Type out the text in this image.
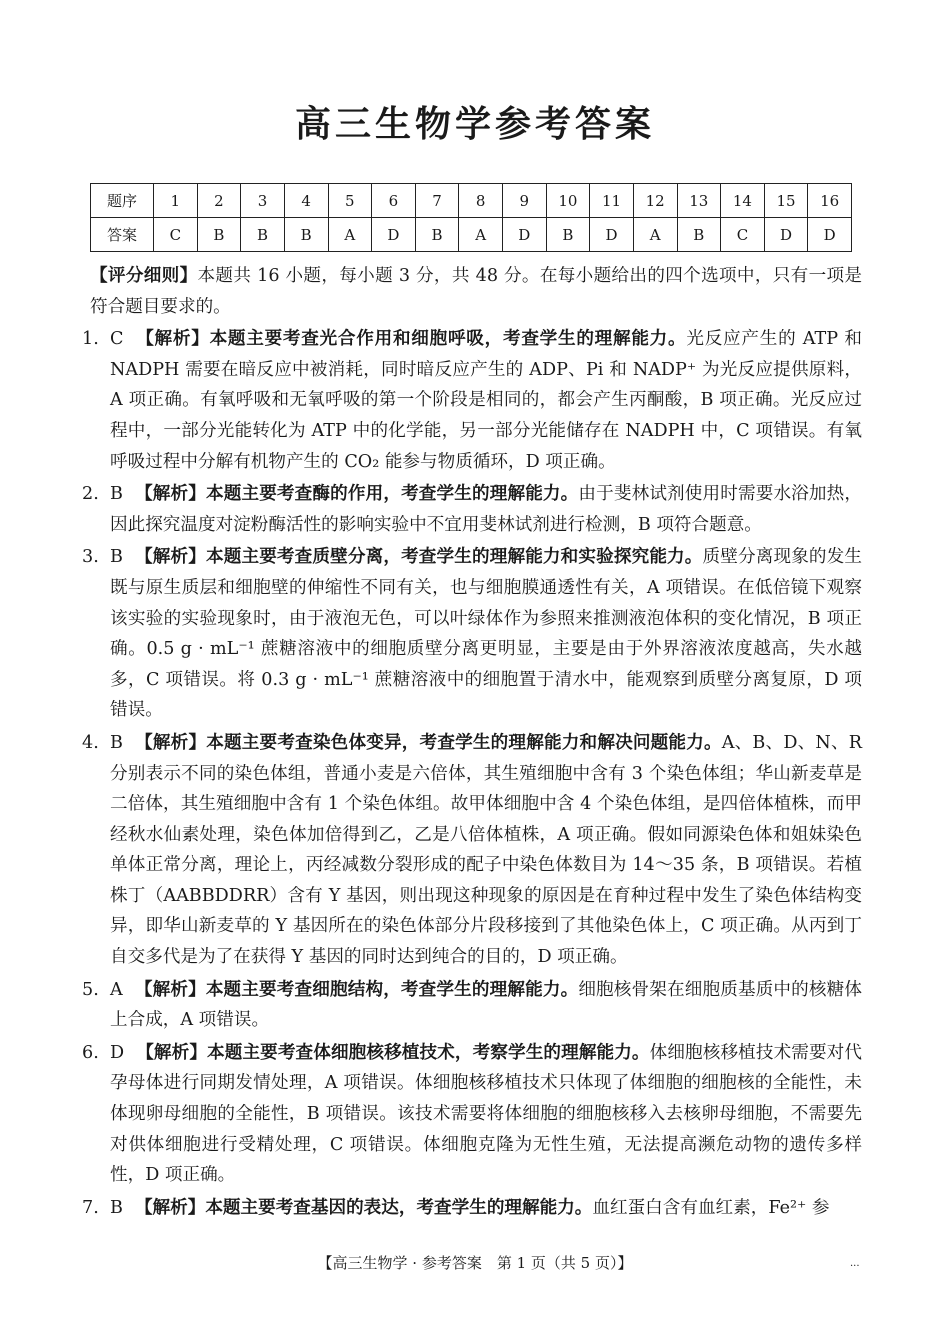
高三生物学参考答案
题序	1	2	3	4	5	6	7	8	9	10	11	12	13	14	15	16
答案	C	B	B	B	A	D	B	A	D	B	D	A	B	C	D	D

【评分细则】本题共 16 小题，每小题 3 分，共 48 分。在每小题给出的四个选项中，只有一项是符合题目要求的。

1. C 【解析】本题主要考查光合作用和细胞呼吸，考查学生的理解能力。光反应产生的 ATP 和 NADPH 需要在暗反应中被消耗，同时暗反应产生的 ADP、Pi 和 NADP⁺ 为光反应提供原料，A 项正确。有氧呼吸和无氧呼吸的第一个阶段是相同的，都会产生丙酮酸，B 项正确。光反应过程中，一部分光能转化为 ATP 中的化学能，另一部分光能储存在 NADPH 中，C 项错误。有氧呼吸过程中分解有机物产生的 CO₂ 能参与物质循环，D 项正确。
2. B 【解析】本题主要考查酶的作用，考查学生的理解能力。由于斐林试剂使用时需要水浴加热，因此探究温度对淀粉酶活性的影响实验中不宜用斐林试剂进行检测，B 项符合题意。
3. B 【解析】本题主要考查质壁分离，考查学生的理解能力和实验探究能力。质壁分离现象的发生既与原生质层和细胞壁的伸缩性不同有关，也与细胞膜通透性有关，A 项错误。在低倍镜下观察该实验的实验现象时，由于液泡无色，可以叶绿体作为参照来推测液泡体积的变化情况，B 项正确。0.5 g · mL⁻¹ 蔗糖溶液中的细胞质壁分离更明显，主要是由于外界溶液浓度越高，失水越多，C 项错误。将 0.3 g · mL⁻¹ 蔗糖溶液中的细胞置于清水中，能观察到质壁分离复原，D 项错误。
4. B 【解析】本题主要考查染色体变异，考查学生的理解能力和解决问题能力。A、B、D、N、R 分别表示不同的染色体组，普通小麦是六倍体，其生殖细胞中含有 3 个染色体组；华山新麦草是二倍体，其生殖细胞中含有 1 个染色体组。故甲体细胞中含 4 个染色体组，是四倍体植株，而甲经秋水仙素处理，染色体加倍得到乙，乙是八倍体植株，A 项正确。假如同源染色体和姐妹染色单体正常分离，理论上，丙经减数分裂形成的配子中染色体数目为 14～35 条，B 项错误。若植株丁（AABBDDRR）含有 Y 基因，则出现这种现象的原因是在育种过程中发生了染色体结构变异，即华山新麦草的 Y 基因所在的染色体部分片段移接到了其他染色体上，C 项正确。从丙到丁自交多代是为了在获得 Y 基因的同时达到纯合的目的，D 项正确。
5. A 【解析】本题主要考查细胞结构，考查学生的理解能力。细胞核骨架在细胞质基质中的核糖体上合成，A 项错误。
6. D 【解析】本题主要考查体细胞核移植技术，考察学生的理解能力。体细胞核移植技术需要对代孕母体进行同期发情处理，A 项错误。体细胞核移植技术只体现了体细胞的细胞核的全能性，未体现卵母细胞的全能性，B 项错误。该技术需要将体细胞的细胞核移入去核卵母细胞，不需要先对供体细胞进行受精处理，C 项错误。体细胞克隆为无性生殖，无法提高濒危动物的遗传多样性，D 项正确。
7. B 【解析】本题主要考查基因的表达，考查学生的理解能力。血红蛋白含有血红素，Fe²⁺ 参
【高三生物学 · 参考答案　第 1 页（共 5 页）】	...
